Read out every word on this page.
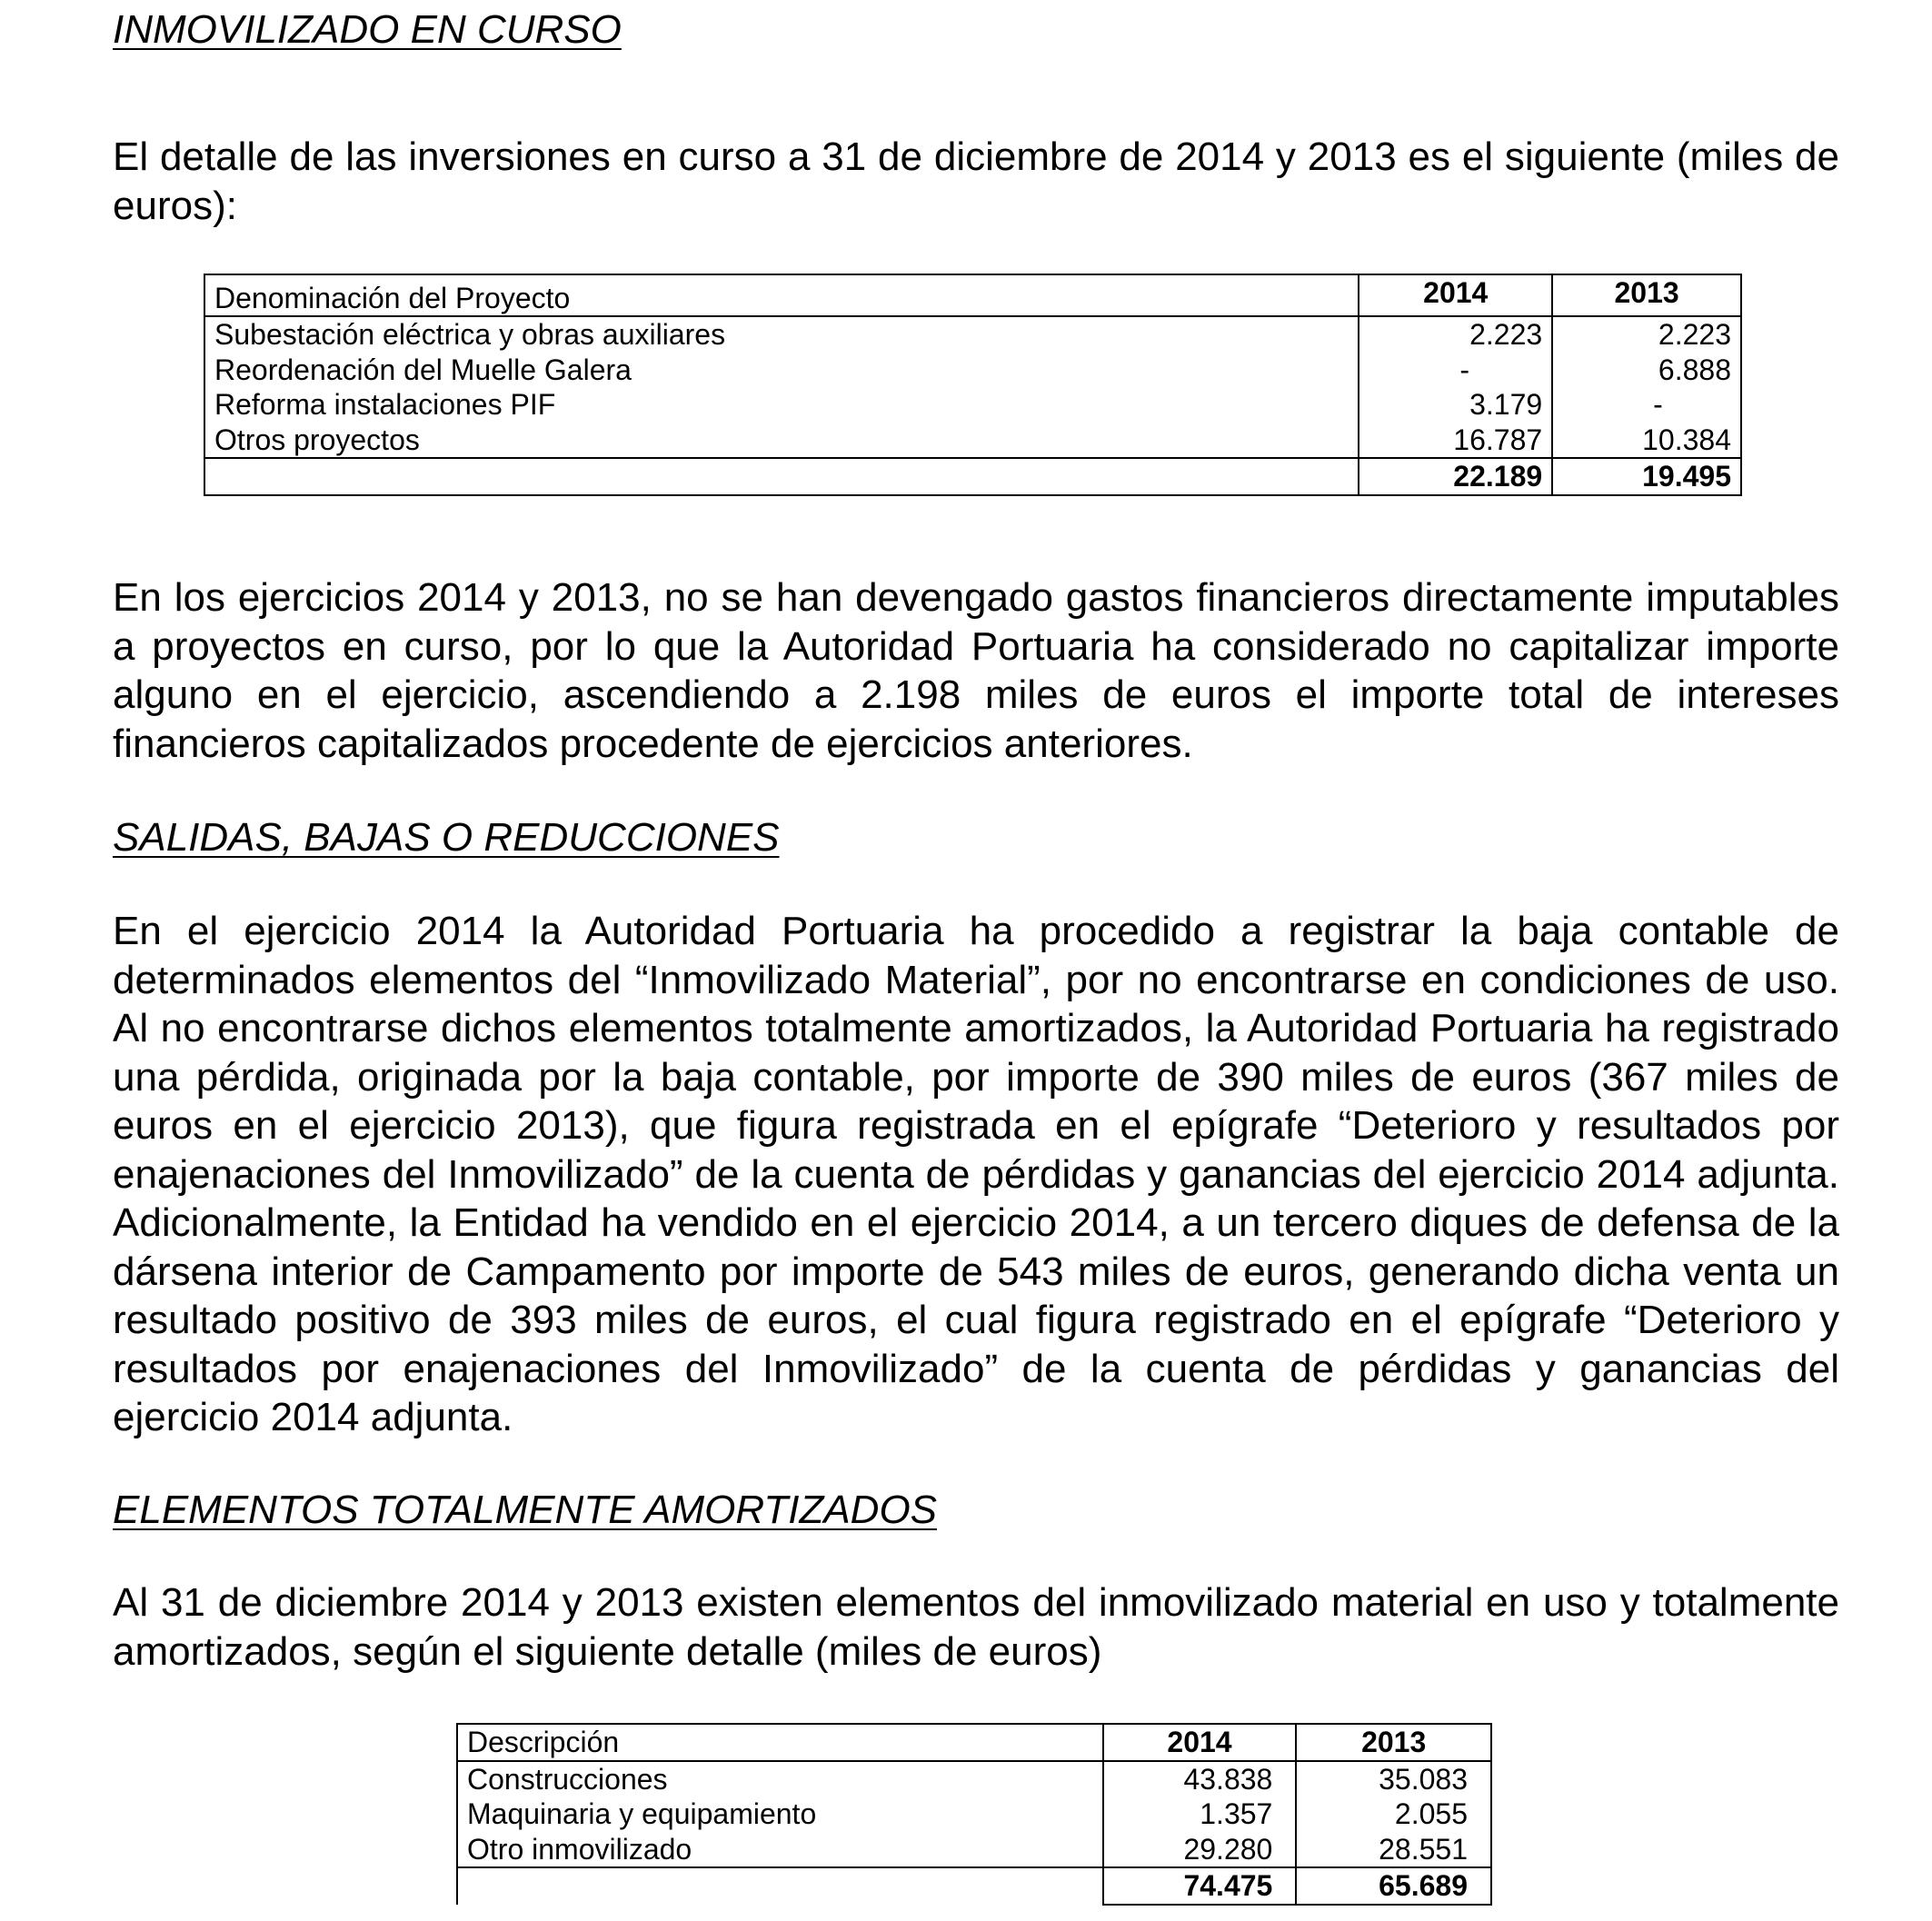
INMOVILIZADO EN CURSO

El detalle de las inversiones en curso a 31 de diciembre de 2014 y 2013 es el siguiente (miles de euros):

Denominación del Proyecto	2014	2013
Subestación eléctrica y obras auxiliares	2.223	2.223
Reordenación del Muelle Galera	-	6.888
Reforma instalaciones PIF	3.179	-
Otros proyectos	16.787	10.384
	22.189	19.495

En los ejercicios 2014 y 2013, no se han devengado gastos financieros directamente imputables a proyectos en curso, por lo que la Autoridad Portuaria ha considerado no capitalizar importe alguno en el ejercicio, ascendiendo a 2.198 miles de euros el importe total de intereses financieros capitalizados procedente de ejercicios anteriores.

SALIDAS, BAJAS O REDUCCIONES

En el ejercicio 2014 la Autoridad Portuaria ha procedido a registrar la baja contable de determinados elementos del “Inmovilizado Material”, por no encontrarse en condiciones de uso. Al no encontrarse dichos elementos totalmente amortizados, la Autoridad Portuaria ha registrado una pérdida, originada por la baja contable, por importe de 390 miles de euros (367 miles de euros en el ejercicio 2013), que figura registrada en el epígrafe “Deterioro y resultados por enajenaciones del Inmovilizado” de la cuenta de pérdidas y ganancias del ejercicio 2014 adjunta. Adicionalmente, la Entidad ha vendido en el ejercicio 2014, a un tercero diques de defensa de la dársena interior de Campamento por importe de 543 miles de euros, generando dicha venta un resultado positivo de 393 miles de euros, el cual figura registrado en el epígrafe “Deterioro y resultados por enajenaciones del Inmovilizado” de la cuenta de pérdidas y ganancias del ejercicio 2014 adjunta.

ELEMENTOS TOTALMENTE AMORTIZADOS

Al 31 de diciembre 2014 y 2013 existen elementos del inmovilizado material en uso y totalmente amortizados, según el siguiente detalle (miles de euros)

Descripción	2014	2013
Construcciones	43.838	35.083
Maquinaria y equipamiento	1.357	2.055
Otro inmovilizado	29.280	28.551
	74.475	65.689
